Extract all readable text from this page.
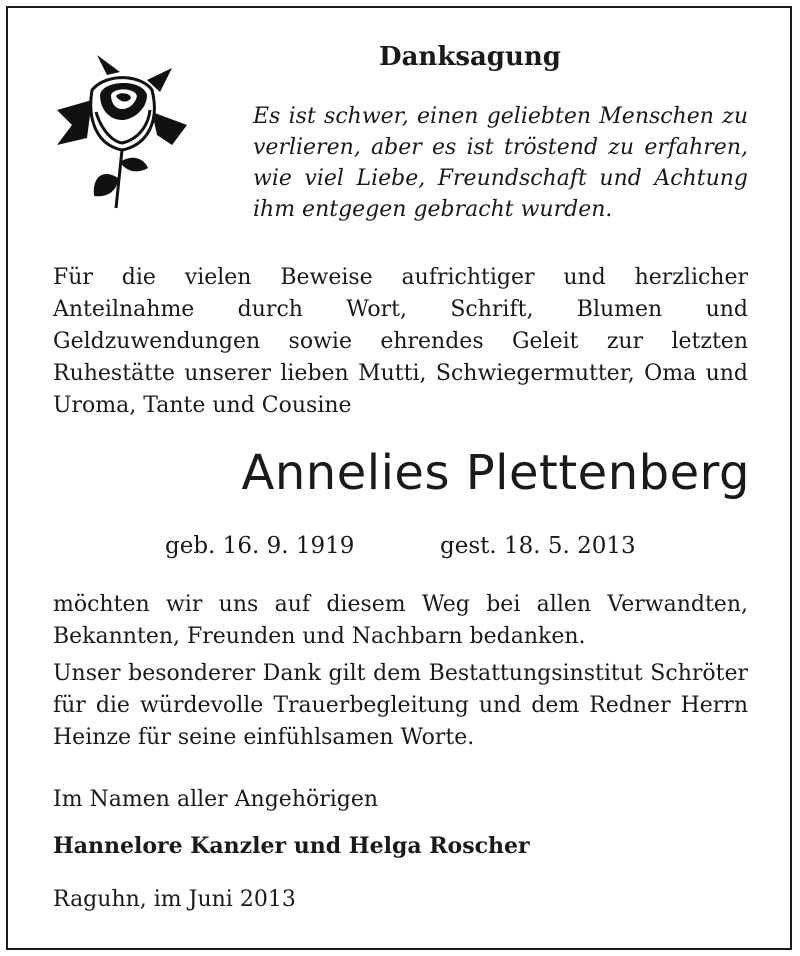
Danksagung
Es ist schwer, einen geliebten Menschen zu verlieren, aber es ist tröstend zu erfahren, wie viel Liebe, Freundschaft und Achtung ihm entgegen gebracht wurden.
Für die vielen Beweise aufrichtiger und herzlicher Anteilnahme durch Wort, Schrift, Blumen und Geldzuwendungen sowie ehrendes Geleit zur letzten Ruhestätte unserer lieben Mutti, Schwiegermutter, Oma und Uroma, Tante und Cousine
Annelies Plettenberg
geb. 16. 9. 1919	gest. 18. 5. 2013
möchten wir uns auf diesem Weg bei allen Verwandten, Bekannten, Freunden und Nachbarn bedanken.
Unser besonderer Dank gilt dem Bestattungsinstitut Schröter für die würdevolle Trauerbegleitung und dem Redner Herrn Heinze für seine einfühlsamen Worte.
Im Namen aller Angehörigen
Hannelore Kanzler und Helga Roscher
Raguhn, im Juni 2013
